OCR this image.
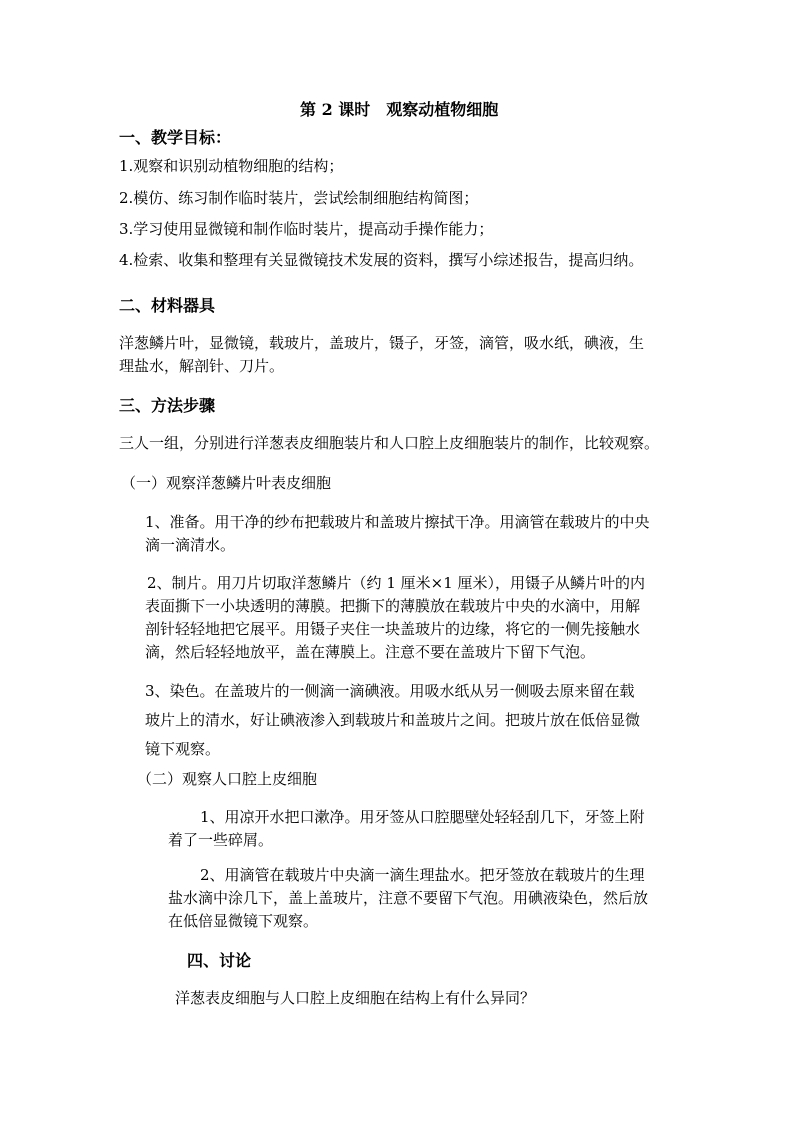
第 2 课时　观察动植物细胞
一、教学目标：

1.观察和识别动植物细胞的结构；

2.模仿、练习制作临时装片，尝试绘制细胞结构简图；

3.学习使用显微镜和制作临时装片，提高动手操作能力；

4.检索、收集和整理有关显微镜技术发展的资料，撰写小综述报告，提高归纳。

二、材料器具
洋葱鳞片叶，显微镜，载玻片，盖玻片，镊子，牙签，滴管，吸水纸，碘液，生
理盐水，解剖针、刀片。
三、方法步骤

三人一组，分别进行洋葱表皮细胞装片和人口腔上皮细胞装片的制作，比较观察。

（一）观察洋葱鳞片叶表皮细胞

1、准备。用干净的纱布把载玻片和盖玻片擦拭干净。用滴管在载玻片的中央
滴一滴清水。
2、制片。用刀片切取洋葱鳞片（约 1 厘米×1 厘米），用镊子从鳞片叶的内
表面撕下一小块透明的薄膜。把撕下的薄膜放在载玻片中央的水滴中，用解
剖针轻轻地把它展平。用镊子夹住一块盖玻片的边缘，将它的一侧先接触水
滴，然后轻轻地放平，盖在薄膜上。注意不要在盖玻片下留下气泡。
3、染色。在盖玻片的一侧滴一滴碘液。用吸水纸从另一侧吸去原来留在载
玻片上的清水，好让碘液渗入到载玻片和盖玻片之间。把玻片放在低倍显微
镜下观察。

（二）观察人口腔上皮细胞

1、用凉开水把口漱净。用牙签从口腔腮壁处轻轻刮几下，牙签上附
着了一些碎屑。
2、用滴管在载玻片中央滴一滴生理盐水。把牙签放在载玻片的生理
盐水滴中涂几下，盖上盖玻片，注意不要留下气泡。用碘液染色，然后放
在低倍显微镜下观察。
四、讨论

洋葱表皮细胞与人口腔上皮细胞在结构上有什么异同？
